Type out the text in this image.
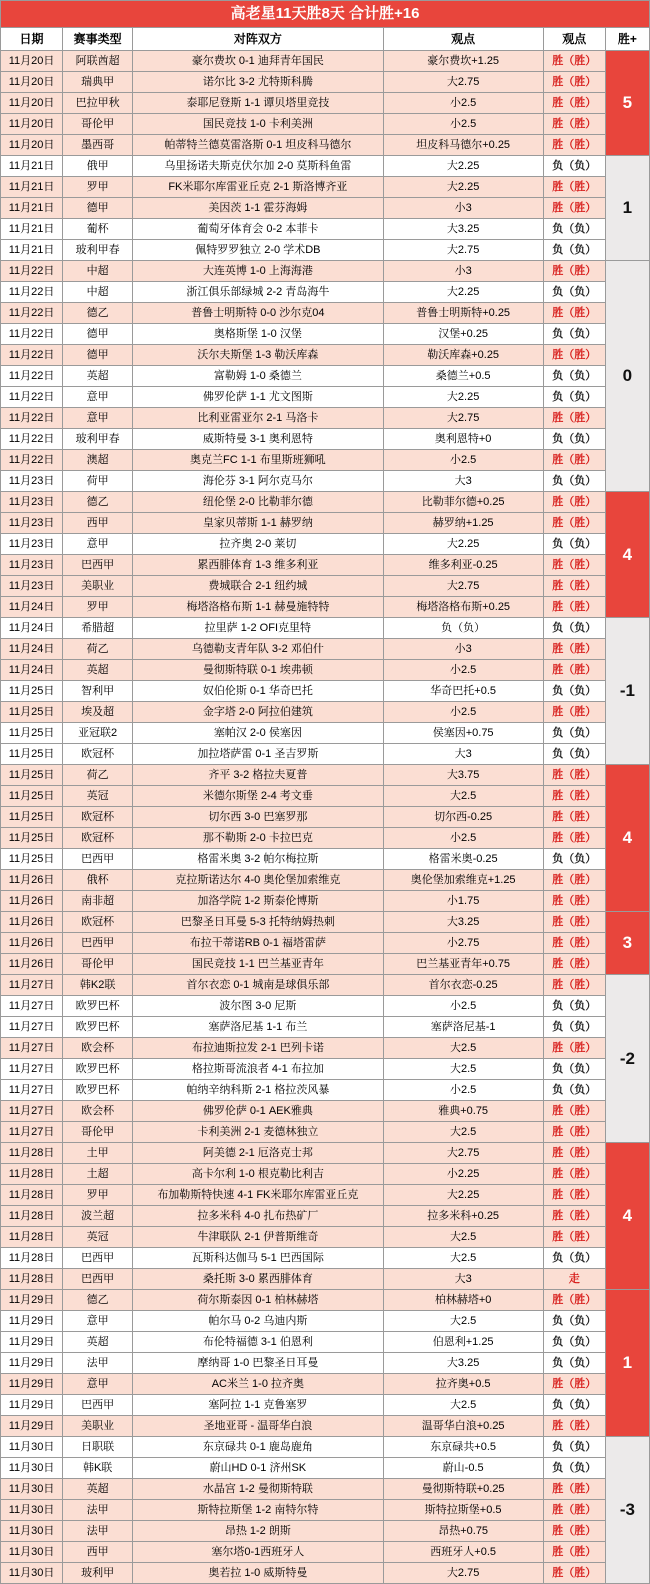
高老星11天胜8天 合计胜+16					
日期	赛事类型	对阵双方	观点	观点	胜+
11月20日	阿联酋超	豪尔费坎 0-1 迪拜青年国民	豪尔费坎+1.25	胜（胜）	5
11月20日	瑞典甲	诺尔比 3-2 尤特斯科腾	大2.75	胜（胜）	
11月20日	巴拉甲秋	泰耶尼登斯 1-1 谭贝塔里竞技	小2.5	胜（胜）	
11月20日	哥伦甲	国民竞技 1-0 卡利美洲	小2.5	胜（胜）	
11月20日	墨西哥	帕蒂特兰德莫雷洛斯 0-1 坦皮科马德尔	坦皮科马德尔+0.25	胜（胜）	
11月21日	俄甲	乌里扬诺夫斯克伏尔加 2-0 莫斯科鱼雷	大2.25	负（负）	1
11月21日	罗甲	FK米耶尔库雷亚丘克 2-1 斯洛博齐亚	大2.25	胜（胜）	
11月21日	德甲	美因茨 1-1 霍芬海姆	小3	胜（胜）	
11月21日	葡杯	葡萄牙体育会 0-2 本菲卡	大3.25	负（负）	
11月21日	玻利甲春	佩特罗罗独立 2-0 学术DB	大2.75	负（负）	
11月22日	中超	大连英博 1-0 上海海港	小3	胜（胜）	0
11月22日	中超	浙江俱乐部绿城 2-2 青岛海牛	大2.25	负（负）	
11月22日	德乙	普鲁士明斯特 0-0 沙尔克04	普鲁士明斯特+0.25	胜（胜）	
11月22日	德甲	奥格斯堡 1-0 汉堡	汉堡+0.25	负（负）	
11月22日	德甲	沃尔夫斯堡 1-3 勒沃库森	勒沃库森+0.25	胜（胜）	
11月22日	英超	富勒姆 1-0 桑德兰	桑德兰+0.5	负（负）	
11月22日	意甲	佛罗伦萨 1-1 尤文图斯	大2.25	负（负）	
11月22日	意甲	比利亚雷亚尔 2-1 马洛卡	大2.75	胜（胜）	
11月22日	玻利甲春	威斯特曼 3-1 奥利恩特	奥利恩特+0	负（负）	
11月22日	澳超	奥克兰FC 1-1 布里斯班狮吼	小2.5	胜（胜）	
11月23日	荷甲	海伦芬 3-1 阿尔克马尔	大3	负（负）	
11月23日	德乙	纽伦堡 2-0 比勒菲尔德	比勒菲尔德+0.25	胜（胜）	4
11月23日	西甲	皇家贝蒂斯 1-1 赫罗纳	赫罗纳+1.25	胜（胜）	
11月23日	意甲	拉齐奥 2-0 莱切	大2.25	负（负）	
11月23日	巴西甲	累西腓体育 1-3 维多利亚	维多利亚-0.25	胜（胜）	
11月23日	美职业	费城联合 2-1 纽约城	大2.75	胜（胜）	
11月24日	罗甲	梅塔洛格布斯 1-1 赫曼施特特	梅塔洛格布斯+0.25	胜（胜）	
11月24日	希腊超	拉里萨 1-2 OFI克里特	负（负）	负（负）	-1
11月24日	荷乙	乌德勒支青年队 3-2 邓伯什	小3	胜（胜）	
11月24日	英超	曼彻斯特联 0-1 埃弗顿	小2.5	胜（胜）	
11月25日	智利甲	奴伯伦斯 0-1 华奇巴托	华奇巴托+0.5	负（负）	
11月25日	埃及超	金字塔 2-0 阿拉伯建筑	小2.5	胜（胜）	
11月25日	亚冠联2	塞帕汉 2-0 侯塞因	侯塞因+0.75	负（负）	
11月25日	欧冠杯	加拉塔萨雷 0-1 圣吉罗斯	大3	负（负）	
11月25日	荷乙	齐平 3-2 格拉夫夏普	大3.75	胜（胜）	4
11月25日	英冠	米德尔斯堡 2-4 考文垂	大2.5	胜（胜）	
11月25日	欧冠杯	切尔西 3-0 巴塞罗那	切尔西-0.25	胜（胜）	
11月25日	欧冠杯	那不勒斯 2-0 卡拉巴克	小2.5	胜（胜）	
11月25日	巴西甲	格雷米奥 3-2 帕尔梅拉斯	格雷米奥-0.25	负（负）	
11月26日	俄杯	克拉斯诺达尔 4-0 奥伦堡加索维克	奥伦堡加索维克+1.25	胜（胜）	
11月26日	南非超	加洛学院 1-2 斯泰伦博斯	小1.75	胜（胜）	
11月26日	欧冠杯	巴黎圣日耳曼 5-3 托特纳姆热刺	大3.25	胜（胜）	3
11月26日	巴西甲	布拉干蒂诺RB 0-1 福塔雷萨	小2.75	胜（胜）	
11月26日	哥伦甲	国民竞技 1-1 巴兰基亚青年	巴兰基亚青年+0.75	胜（胜）	
11月27日	韩K2联	首尔衣恋 0-1 城南是球俱乐部	首尔衣恋-0.25	胜（胜）	-2
11月27日	欧罗巴杯	波尔图 3-0 尼斯	小2.5	负（负）	
11月27日	欧罗巴杯	塞萨洛尼基 1-1 布兰	塞萨洛尼基-1	负（负）	
11月27日	欧会杯	布拉迪斯拉发 2-1 巴列卡诺	大2.5	胜（胜）	
11月27日	欧罗巴杯	格拉斯哥流浪者 4-1 布拉加	大2.5	负（负）	
11月27日	欧罗巴杯	帕纳辛纳科斯 2-1 格拉茨风暴	小2.5	负（负）	
11月27日	欧会杯	佛罗伦萨 0-1 AEK雅典	雅典+0.75	胜（胜）	
11月27日	哥伦甲	卡利美洲 2-1 麦德林独立	大2.5	胜（胜）	
11月28日	土甲	阿美德 2-1 厄洛克士邦	大2.75	胜（胜）	4
11月28日	土超	高卡尔利 1-0 根克勒比利吉	小2.25	胜（胜）	
11月28日	罗甲	布加勒斯特快速 4-1 FK米耶尔库雷亚丘克	大2.25	胜（胜）	
11月28日	波兰超	拉多米科 4-0 扎布热矿厂	拉多米科+0.25	胜（胜）	
11月28日	英冠	牛津联队 2-1 伊普斯维奇	大2.5	胜（胜）	
11月28日	巴西甲	瓦斯科达伽马 5-1 巴西国际	大2.5	负（负）	
11月28日	巴西甲	桑托斯 3-0 累西腓体育	大3	走	
11月29日	德乙	荷尔斯泰因 0-1 柏林赫塔	柏林赫塔+0	胜（胜）	1
11月29日	意甲	帕尔马 0-2 乌迪内斯	大2.5	负（负）	
11月29日	英超	布伦特福德 3-1 伯恩利	伯恩利+1.25	负（负）	
11月29日	法甲	摩纳哥 1-0 巴黎圣日耳曼	大3.25	负（负）	
11月29日	意甲	AC米兰 1-0 拉齐奥	拉齐奥+0.5	胜（胜）	
11月29日	巴西甲	塞阿拉 1-1 克鲁塞罗	大2.5	负（负）	
11月29日	美职业	圣地亚哥 - 温哥华白浪	温哥华白浪+0.25	胜（胜）	
11月30日	日职联	东京碌共 0-1 鹿岛鹿角	东京碌共+0.5	负（负）	-3
11月30日	韩K联	蔚山HD 0-1 济州SK	蔚山-0.5	负（负）	
11月30日	英超	水晶宫 1-2 曼彻斯特联	曼彻斯特联+0.25	胜（胜）	
11月30日	法甲	斯特拉斯堡 1-2 南特尔特	斯特拉斯堡+0.5	胜（胜）	
11月30日	法甲	昂热 1-2 朗斯	昂热+0.75	胜（胜）	
11月30日	西甲	塞尔塔0-1西班牙人	西班牙人+0.5	胜（胜）	
11月30日	玻利甲	奥若拉 1-0 威斯特曼	大2.75	胜（胜）	
